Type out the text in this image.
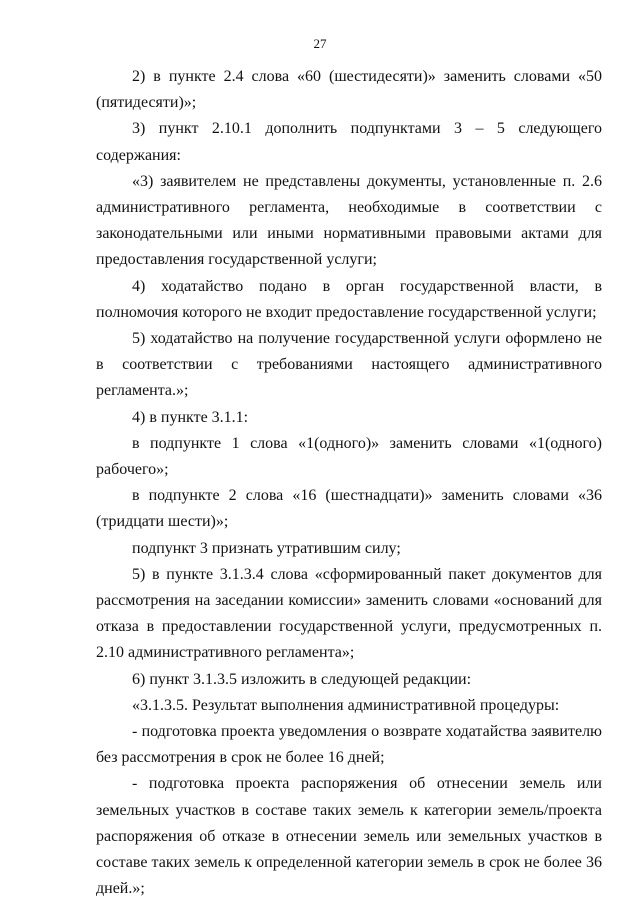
27

2) в пункте 2.4 слова «60 (шестидесяти)» заменить словами «50 (пятидесяти)»;

3) пункт 2.10.1 дополнить подпунктами 3 – 5 следующего содержания:

«3) заявителем не представлены документы, установленные п. 2.6 административного регламента, необходимые в соответствии с законодательными или иными нормативными правовыми актами для предоставления государственной услуги;

4) ходатайство подано в орган государственной власти, в полномочия которого не входит предоставление государственной услуги;

5) ходатайство на получение государственной услуги оформлено не в соответствии с требованиями настоящего административного регламента.»;

4) в пункте 3.1.1:

в подпункте 1 слова «1(одного)» заменить словами «1(одного) рабочего»;

в подпункте 2 слова «16 (шестнадцати)» заменить словами «36 (тридцати шести)»;

подпункт 3 признать утратившим силу;

5) в пункте 3.1.3.4 слова «сформированный пакет документов для рассмотрения на заседании комиссии» заменить словами «оснований для отказа в предоставлении государственной услуги, предусмотренных п. 2.10 административного регламента»;

6) пункт 3.1.3.5 изложить в следующей редакции:

«3.1.3.5. Результат выполнения административной процедуры:

- подготовка проекта уведомления о возврате ходатайства заявителю без рассмотрения в срок не более 16 дней;

- подготовка проекта распоряжения об отнесении земель или земельных участков в составе таких земель к категории земель/проекта распоряжения об отказе в отнесении земель или земельных участков в составе таких земель к определенной категории земель в срок не более 36 дней.»;
